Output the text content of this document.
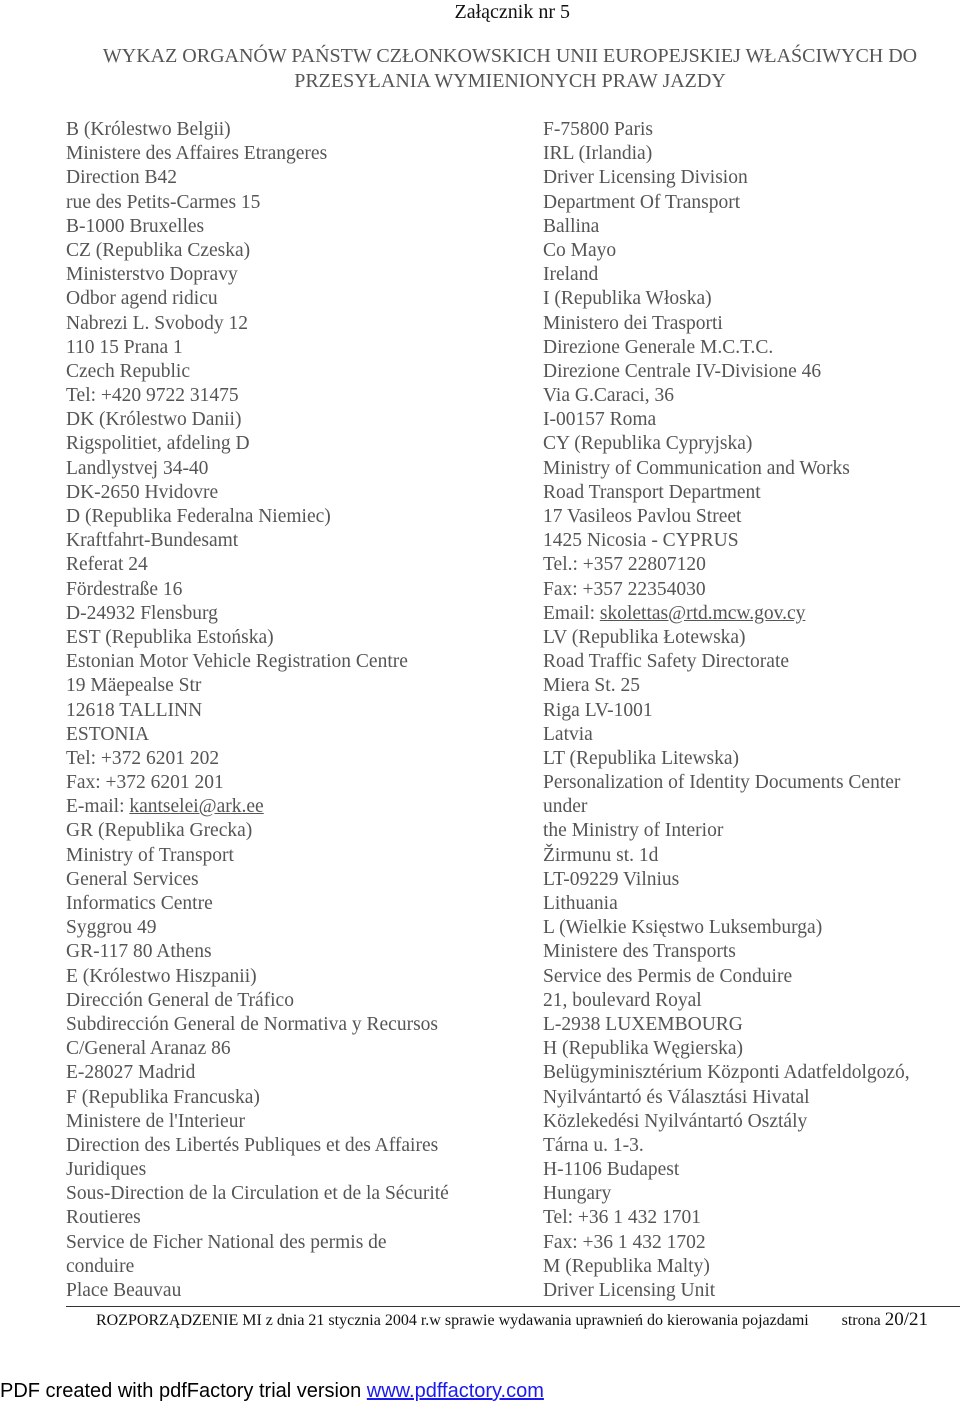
Załącznik nr 5
WYKAZ ORGANÓW PAŃSTW CZŁONKOWSKICH UNII EUROPEJSKIEJ WŁAŚCIWYCH DO
PRZESYŁANIA WYMIENIONYCH PRAW JAZDY
B (Królestwo Belgii)
Ministere des Affaires Etrangeres
Direction B42
rue des Petits-Carmes 15
B-1000 Bruxelles
CZ (Republika Czeska)
Ministerstvo Dopravy
Odbor agend ridicu
Nabrezi L. Svobody 12
110 15 Prana 1
Czech Republic
Tel: +420 9722 31475
DK (Królestwo Danii)
Rigspolitiet, afdeling D
Landlystvej 34-40
DK-2650 Hvidovre
D (Republika Federalna Niemiec)
Kraftfahrt-Bundesamt
Referat 24
Fördestraße 16
D-24932 Flensburg
EST (Republika Estońska)
Estonian Motor Vehicle Registration Centre
19 Mäepealse Str
12618 TALLINN
ESTONIA
Tel: +372 6201 202
Fax: +372 6201 201
E-mail: kantselei@ark.ee
GR (Republika Grecka)
Ministry of Transport
General Services
Informatics Centre
Syggrou 49
GR-117 80 Athens
E (Królestwo Hiszpanii)
Dirección General de Tráfico
Subdirección General de Normativa y Recursos
C/General Aranaz 86
E-28027 Madrid
F (Republika Francuska)
Ministere de l'Interieur
Direction des Libertés Publiques et des Affaires
Juridiques
Sous-Direction de la Circulation et de la Sécurité
Routieres
Service de Ficher National des permis de
conduire
Place Beauvau
F-75800 Paris
IRL (Irlandia)
Driver Licensing Division
Department Of Transport
Ballina
Co Mayo
Ireland
I (Republika Włoska)
Ministero dei Trasporti
Direzione Generale M.C.T.C.
Direzione Centrale IV-Divisione 46
Via G.Caraci, 36
I-00157 Roma
CY (Republika Cypryjska)
Ministry of Communication and Works
Road Transport Department
17 Vasileos Pavlou Street
1425 Nicosia - CYPRUS
Tel.: +357 22807120
Fax: +357 22354030
Email: skolettas@rtd.mcw.gov.cy
LV (Republika Łotewska)
Road Traffic Safety Directorate
Miera St. 25
Riga LV-1001
Latvia
LT (Republika Litewska)
Personalization of Identity Documents Center
under
the Ministry of Interior
Žirmunu st. 1d
LT-09229 Vilnius
Lithuania
L (Wielkie Księstwo Luksemburga)
Ministere des Transports
Service des Permis de Conduire
21, boulevard Royal
L-2938 LUXEMBOURG
H (Republika Węgierska)
Belügyminisztérium Központi Adatfeldolgozó,
Nyilvántartó és Választási Hivatal
Közlekedési Nyilvántartó Osztály
Tárna u. 1-3.
H-1106 Budapest
Hungary
Tel: +36 1 432 1701
Fax: +36 1 432 1702
M (Republika Malty)
Driver Licensing Unit
ROZPORZĄDZENIE MI z dnia 21 stycznia 2004 r.w sprawie wydawania uprawnień do kierowania pojazdami strona 20/21
PDF created with pdfFactory trial version www.pdffactory.com
